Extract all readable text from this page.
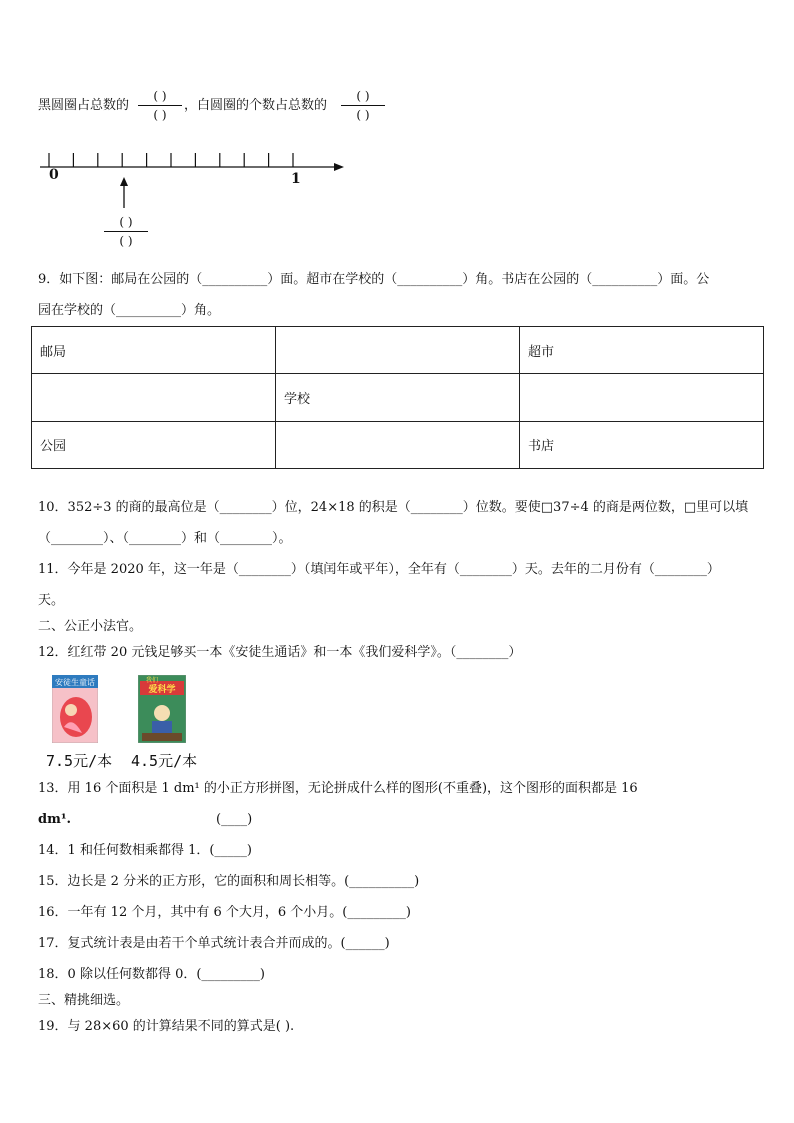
黑圆圈占总数的
( )
( )
，白圆圈的个数占总数的
( )
( )
0	1
( )
( )
9．如下图：邮局在公园的（__________）面。超市在学校的（__________）角。书店在公园的（__________）面。公
园在学校的（__________）角。
邮局		超市
	学校	
公园		书店
10．352÷3 的商的最高位是（________）位，24×18 的积是（________）位数。要使□37÷4 的商是两位数，□里可以填
（________）、（________）和（________）。
11．今年是 2020 年，这一年是（________）（填闰年或平年），全年有（________）天。去年的二月份有（________）
天。
二、公正小法官。
12．红红带 20 元钱足够买一本《安徒生通话》和一本《我们爱科学》。（________）
安徒生童话	我们
爱科学
7.5元/本 4.5元/本
13．用 16 个面积是 1 dm¹ 的小正方形拼图，无论拼成什么样的图形(不重叠)，这个图形的面积都是 16
dm¹.	(____)
14．1 和任何数相乘都得 1．(_____)
15．边长是 2 分米的正方形，它的面积和周长相等。(__________)
16．一年有 12 个月，其中有 6 个大月，6 个小月。(_________)
17．复式统计表是由若干个单式统计表合并而成的。(______)
18．0 除以任何数都得 0．(_________)
三、精挑细选。
19．与 28×60 的计算结果不同的算式是( ).
